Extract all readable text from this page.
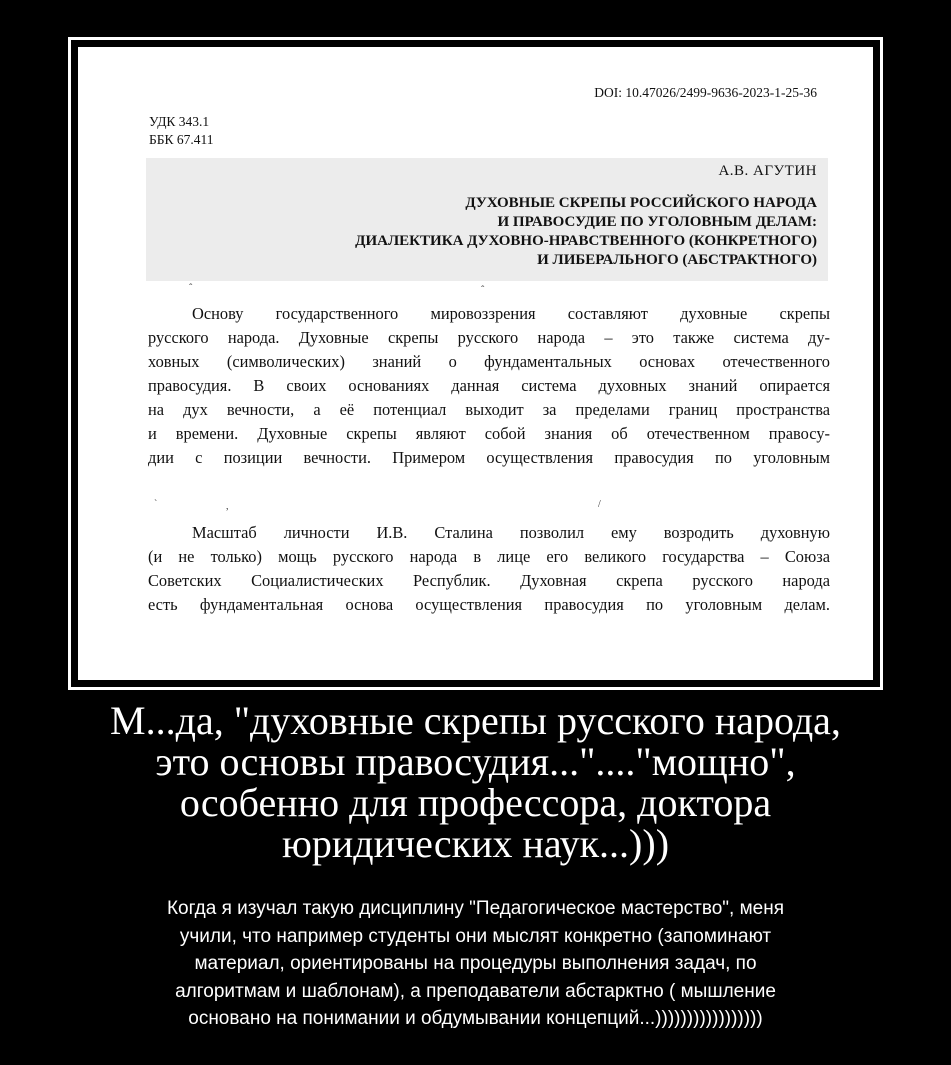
DOI: 10.47026/2499-9636-2023-1-25-36
УДК 343.1
ББК 67.411
А.В. АГУТИН
ДУХОВНЫЕ СКРЕПЫ РОССИЙСКОГО НАРОДА
И ПРАВОСУДИЕ ПО УГОЛОВНЫМ ДЕЛАМ:
ДИАЛЕКТИКА ДУХОВНО-НРАВСТВЕННОГО (КОНКРЕТНОГО)
И ЛИБЕРАЛЬНОГО (АБСТРАКТНОГО)
ˆ	ˆ
Основу государственного мировоззрения составляют духовные скрепы
русского народа. Духовные скрепы русского народа – это также система ду-
ховных (символических) знаний о фундаментальных основах отечественного
правосудия. В своих основаниях данная система духовных знаний опирается
на дух вечности, а её потенциал выходит за пределами границ пространства
и времени. Духовные скрепы являют собой знания об отечественном правосу-
дии с позиции вечности. Примером осуществления правосудия по уголовным
`	,	/
Масштаб личности И.В. Сталина позволил ему возродить духовную
(и не только) мощь русского народа в лице его великого государства – Союза
Советских Социалистических Республик. Духовная скрепа русского народа
есть фундаментальная основа осуществления правосудия по уголовным делам.
М...да, "духовные скрепы русского народа,
это основы правосудия..."...."мощно",
особенно для профессора, доктора
юридических наук...)))
Когда я изучал такую дисциплину "Педагогическое мастерство", меня
учили, что например студенты они мыслят конкретно (запоминают
материал, ориентированы на процедуры выполнения задач, по
алгоритмам и шаблонам), а преподаватели абстарктно ( мышление
основано на понимании и обдумывании концепций...)))))))))))))))))
